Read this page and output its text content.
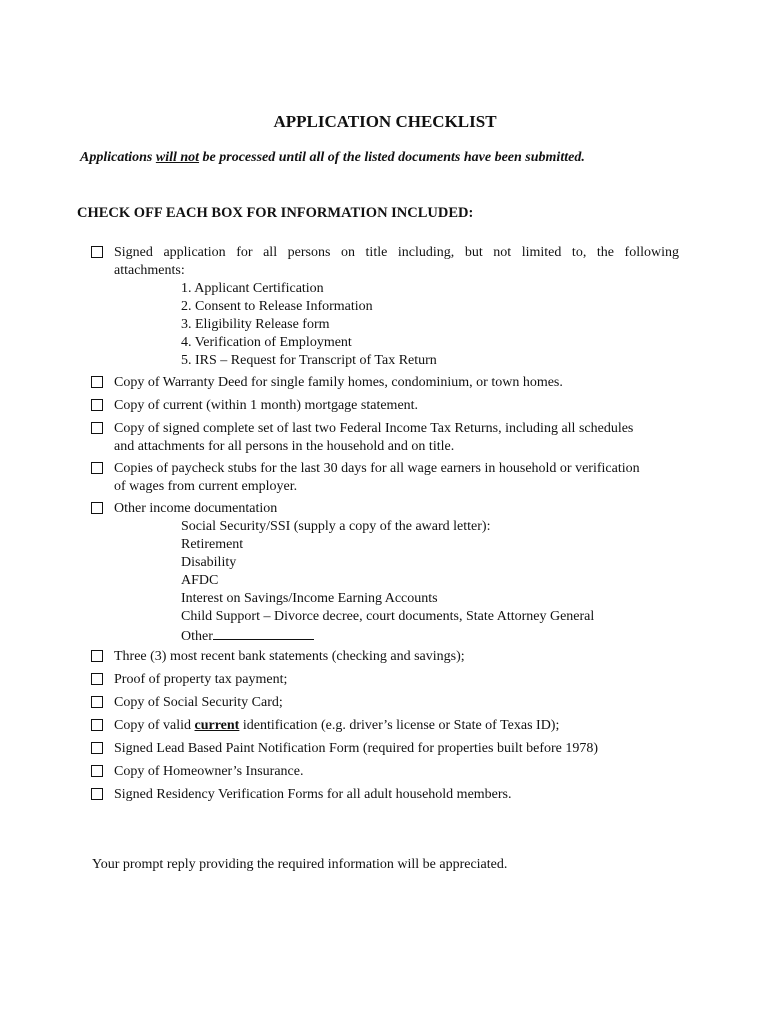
APPLICATION CHECKLIST
Applications will not be processed until all of the listed documents have been submitted.
CHECK OFF EACH BOX FOR INFORMATION INCLUDED:
Signed application for all persons on title including, but not limited to, the following
attachments:
1. Applicant Certification
2. Consent to Release Information
3. Eligibility Release form
4. Verification of Employment
5. IRS – Request for Transcript of Tax Return
Copy of Warranty Deed for single family homes, condominium, or town homes.
Copy of current (within 1 month) mortgage statement.
Copy of signed complete set of last two Federal Income Tax Returns, including all schedules
and attachments for all persons in the household and on title.
Copies of paycheck stubs for the last 30 days for all wage earners in household or verification
of wages from current employer.
Other income documentation
Social Security/SSI (supply a copy of the award letter):
Retirement
Disability
AFDC
Interest on Savings/Income Earning Accounts
Child Support – Divorce decree, court documents, State Attorney General
Other
Three (3) most recent bank statements (checking and savings);
Proof of property tax payment;
Copy of Social Security Card;
Copy of valid current identification (e.g. driver’s license or State of Texas ID);
Signed Lead Based Paint Notification Form (required for properties built before 1978)
Copy of Homeowner’s Insurance.
Signed Residency Verification Forms for all adult household members.
Your prompt reply providing the required information will be appreciated.
